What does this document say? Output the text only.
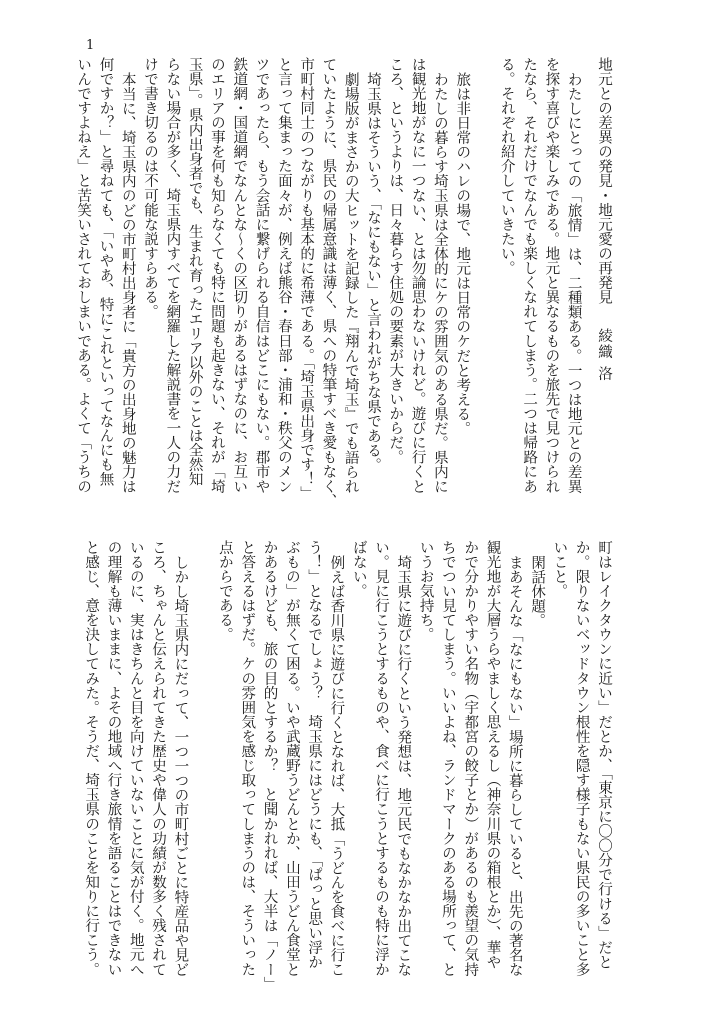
1
地元との差異の発見・地元愛の再発見綾織 洛
わたしにとっての「旅情」は、二種類ある。一つは地元との差異
を探す喜びや楽しみである。地元と異なるものを旅先で見つけられ
たなら、それだけでなんでも楽しくなれてしまう。二つは帰路にあ
る。それぞれ紹介していきたい。
旅は非日常のハレの場で、地元は日常のケだと考える。
わたしの暮らす埼玉県は全体的にケの雰囲気のある県だ。県内に
は観光地がなに一つない、とは勿論思わないけれど。遊びに行くと
ころ、というよりは、日々暮らす住処の要素が大きいからだ。
埼玉県はそういう、「なにもない」と言われがちな県である。
劇場版がまさかの大ヒットを記録した『翔んで埼玉』でも語られ
ていたように、県民の帰属意識は薄く、県への特筆すべき愛もなく、
市町村同士のつながりも基本的に希薄である。「埼玉県出身です！」
と言って集まった面々が、例えば熊谷・春日部・浦和・秩父のメン
ツであったら、もう会話に繋げられる自信はどこにもない。郡市や
鉄道網・国道網でなんとな〜くの区切りがあるはずなのに、お互い
のエリアの事を何も知らなくても特に問題も起きない、それが「埼
玉県」。県内出身者でも、生まれ育ったエリア以外のことは全然知
らない場合が多く、埼玉県内すべてを網羅した解説書を一人の力だ
けで書き切るのは不可能な説すらある。
本当に、埼玉県内のどの市町村出身者に「貴方の出身地の魅力は
何ですか？」と尋ねても、「いやあ、特にこれといってなんにも無
いんですよねえ」と苦笑いされておしまいである。よくて「うちの
町はレイクタウンに近い」だとか、「東京に〇〇分で行ける」だと
か。限りないベッドタウン根性を隠す様子もない県民の多いこと多
いこと。
閑話休題。
まあそんな「なにもない」場所に暮らしていると、出先の著名な
観光地が大層うらやましく思えるし（神奈川県の箱根とか）、華や
かで分かりやすい名物（宇都宮の餃子とか）があるのも羨望の気持
ちでつい見てしまう。いいよね、ランドマークのある場所って、と
いうお気持ち。
埼玉県に遊びに行くという発想は、地元民でもなかなか出てこな
い。見に行こうとするものや、食べに行こうとするものも特に浮か
ばない。
例えば香川県に遊びに行くとなれば、大抵「うどんを食べに行こ
う！」となるでしょう？　埼玉県にはどうにも、「ぱっと思い浮か
ぶもの」が無くて困る。いや武蔵野うどんとか、山田うどん食堂と
かあるけども、旅の目的とするか？　と聞かれれば、大半は「ノー」
と答えるはずだ。ケの雰囲気を感じ取ってしまうのは、そういった
点からである。
しかし埼玉県内にだって、一つ一つの市町村ごとに特産品や見ど
ころ、ちゃんと伝えられてきた歴史や偉人の功績が数多く残されて
いるのに、実はきちんと目を向けていないことに気が付く。地元へ
の理解も薄いままに、よその地域へ行き旅情を語ることはできない
と感じ、意を決してみた。そうだ、埼玉県のことを知りに行こう。
